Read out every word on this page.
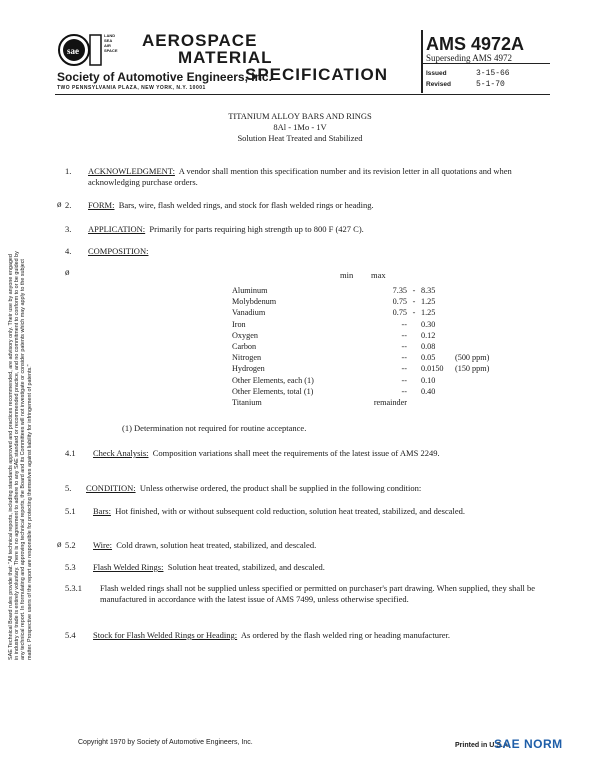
sae
LAND
SEA
AIR
SPACE
AEROSPACE
MATERIAL
SPECIFICATION
Society of Automotive Engineers, Inc.
TWO PENNSYLVANIA PLAZA, NEW YORK, N.Y. 10001
AMS 4972A
Superseding AMS 4972
Issued	3-15-66
Revised	5-1-70
SAE Technical Board rules provide that: "All technical reports, including standards approved and practices recommended, are advisory only. Their use by anyone engaged in industry or trade is entirely voluntary. There is no agreement to adhere to any SAE standard or recommended practice, and no commitment to conform to or be guided by any technical report. In formulating and approving technical reports, the Board and its Committees will not investigate or consider patents which may apply to the subject matter. Prospective users of the report are responsible for protecting themselves against liability for infringement of patents."
TITANIUM ALLOY BARS AND RINGS
8Al - 1Mo - 1V
Solution Heat Treated and Stabilized
1. ACKNOWLEDGMENT: A vendor shall mention this specification number and its revision letter in all quotations and when acknowledging purchase orders.
ø 2. FORM: Bars, wire, flash welded rings, and stock for flash welded rings or heading.
3. APPLICATION: Primarily for parts requiring high strength up to 800 F (427 C).
4. COMPOSITION:
ø	min max
Aluminum	7.35	-	8.35	
Molybdenum	0.75	-	1.25	
Vanadium	0.75	-	1.25	
Iron	--		0.30	
Oxygen	--		0.12	
Carbon	--		0.08	
Nitrogen	--		0.05	(500 ppm)
Hydrogen	--		0.0150	(150 ppm)
Other Elements, each (1)	--		0.10	
Other Elements, total (1)	--		0.40	
Titanium	remainder			
(1) Determination not required for routine acceptance.
4.1 Check Analysis: Composition variations shall meet the requirements of the latest issue of AMS 2249.
5. CONDITION: Unless otherwise ordered, the product shall be supplied in the following condition:
5.1 Bars: Hot finished, with or without subsequent cold reduction, solution heat treated, stabilized, and descaled.
ø 5.2 Wire: Cold drawn, solution heat treated, stabilized, and descaled.
5.3 Flash Welded Rings: Solution heat treated, stabilized, and descaled.
5.3.1 Flash welded rings shall not be supplied unless specified or permitted on purchaser's part drawing. When supplied, they shall be manufactured in accordance with the latest issue of AMS 7499, unless otherwise specified.
5.4 Stock for Flash Welded Rings or Heading: As ordered by the flash welded ring or heading manufacturer.
Copyright 1970 by Society of Automotive Engineers, Inc.	Printed in U.S.A.
SAE NORM
